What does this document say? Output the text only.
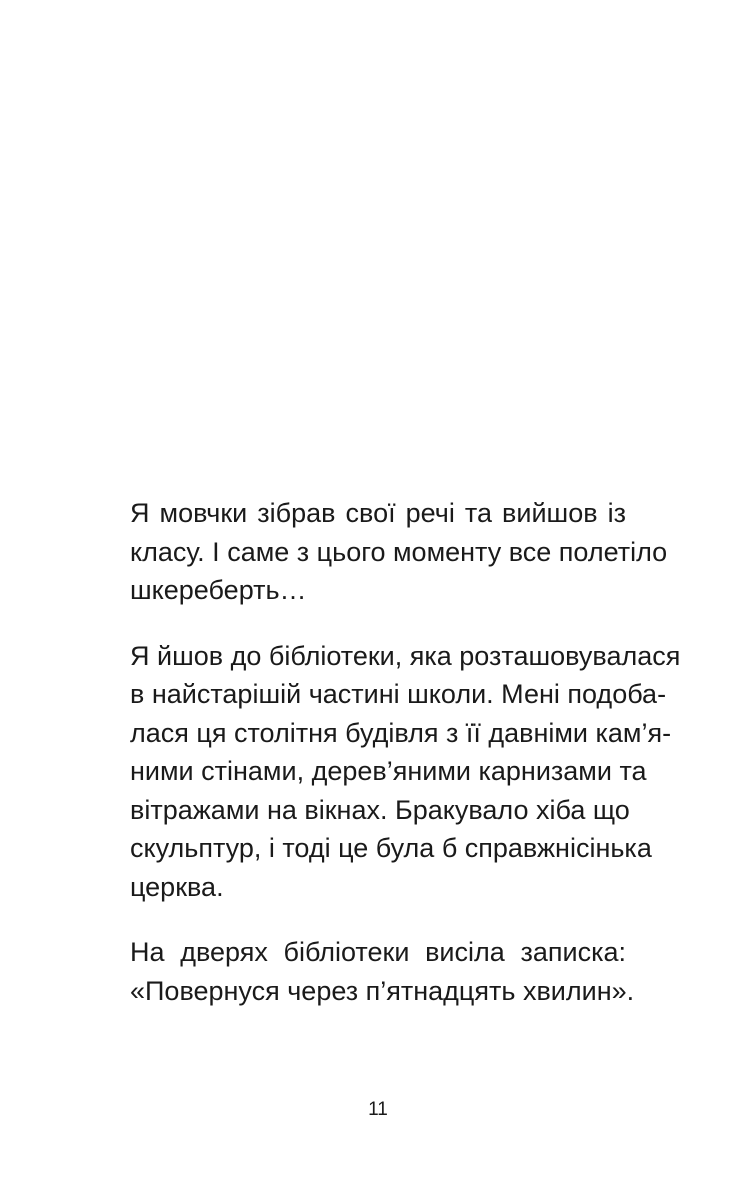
Я мовчки зібрав свої речі та вийшов із
класу. І саме з цього моменту все полетіло
шкереберть…
Я йшов до бібліотеки, яка розташовувалася
в найстарішій частині школи. Мені подоба-
лася ця столітня будівля з її давніми кам’я-
ними стінами, дерев’яними карнизами та
вітражами на вікнах. Бракувало хіба що
скульптур, і тоді це була б справжнісінька
церква.
На дверях бібліотеки висіла записка:
«Повернуся через п’ятнадцять хвилин».
11
